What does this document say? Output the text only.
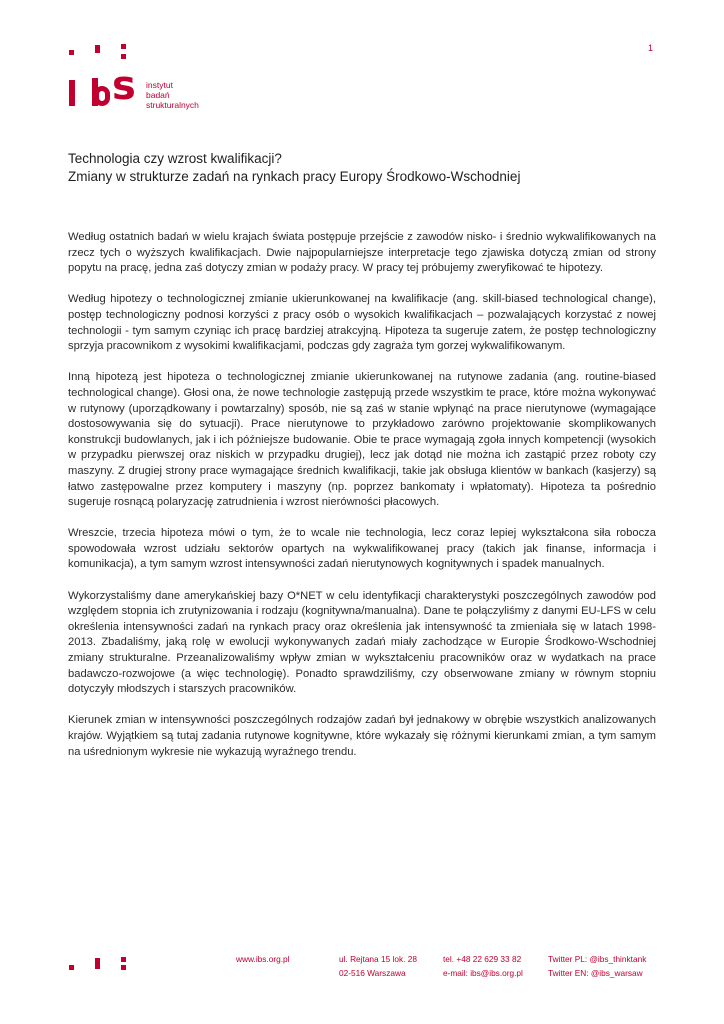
1
s instytut
badań
strukturalnych
Technologia czy wzrost kwalifikacji?
Zmiany w strukturze zadań na rynkach pracy Europy Środkowo-Wschodniej

Według ostatnich badań w wielu krajach świata postępuje przejście z zawodów nisko- i średnio wykwalifikowanych na rzecz tych o wyższych kwalifikacjach. Dwie najpopularniejsze interpretacje tego zjawiska dotyczą zmian od strony popytu na pracę, jedna zaś dotyczy zmian w podaży pracy. W pracy tej próbujemy zweryfikować te hipotezy.

Według hipotezy o technologicznej zmianie ukierunkowanej na kwalifikacje (ang. skill-biased technological change), postęp technologiczny podnosi korzyści z pracy osób o wysokich kwalifikacjach – pozwalających korzystać z nowej technologii - tym samym czyniąc ich pracę bardziej atrakcyjną. Hipoteza ta sugeruje zatem, że postęp technologiczny sprzyja pracownikom z wysokimi kwalifikacjami, podczas gdy zagraża tym gorzej wykwalifikowanym.

Inną hipotezą jest hipoteza o technologicznej zmianie ukierunkowanej na rutynowe zadania (ang. routine-biased technological change). Głosi ona, że nowe technologie zastępują przede wszystkim te prace, które można wykonywać w rutynowy (uporządkowany i powtarzalny) sposób, nie są zaś w stanie wpłynąć na prace nierutynowe (wymagające dostosowywania się do sytuacji). Prace nierutynowe to przykładowo zarówno projektowanie skomplikowanych konstrukcji budowlanych, jak i ich późniejsze budowanie. Obie te prace wymagają zgoła innych kompetencji (wysokich w przypadku pierwszej oraz niskich w przypadku drugiej), lecz jak dotąd nie można ich zastąpić przez roboty czy maszyny. Z drugiej strony prace wymagające średnich kwalifikacji, takie jak obsługa klientów w bankach (kasjerzy) są łatwo zastępowalne przez komputery i maszyny (np. poprzez bankomaty i wpłatomaty). Hipoteza ta pośrednio sugeruje rosnącą polaryzację zatrudnienia i wzrost nierówności płacowych.

Wreszcie, trzecia hipoteza mówi o tym, że to wcale nie technologia, lecz coraz lepiej wykształcona siła robocza spowodowała wzrost udziału sektorów opartych na wykwalifikowanej pracy (takich jak finanse, informacja i komunikacja), a tym samym wzrost intensywności zadań nierutynowych kognitywnych i spadek manualnych.

Wykorzystaliśmy dane amerykańskiej bazy O*NET w celu identyfikacji charakterystyki poszczególnych zawodów pod względem stopnia ich zrutynizowania i rodzaju (kognitywna/manualna). Dane te połączyliśmy z danymi EU-LFS w celu określenia intensywności zadań na rynkach pracy oraz określenia jak intensywność ta zmieniała się w latach 1998-2013. Zbadaliśmy, jaką rolę w ewolucji wykonywanych zadań miały zachodzące w Europie Środkowo-Wschodniej zmiany strukturalne. Przeanalizowaliśmy wpływ zmian w wykształceniu pracowników oraz w wydatkach na prace badawczo-rozwojowe (a więc technologię). Ponadto sprawdziliśmy, czy obserwowane zmiany w równym stopniu dotyczyły młodszych i starszych pracowników.

Kierunek zmian w intensywności poszczególnych rodzajów zadań był jednakowy w obrębie wszystkich analizowanych krajów. Wyjątkiem są tutaj zadania rutynowe kognitywne, które wykazały się różnymi kierunkami zmian, a tym samym na uśrednionym wykresie nie wykazują wyraźnego trendu.

www.ibs.org.pl	ul. Rejtana 15 lok. 28
02-516 Warszawa
tel. +48 22 629 33 82
e-mail: ibs@ibs.org.pl
Twitter PL: @ibs_thinktank
Twitter EN: @ibs_warsaw
